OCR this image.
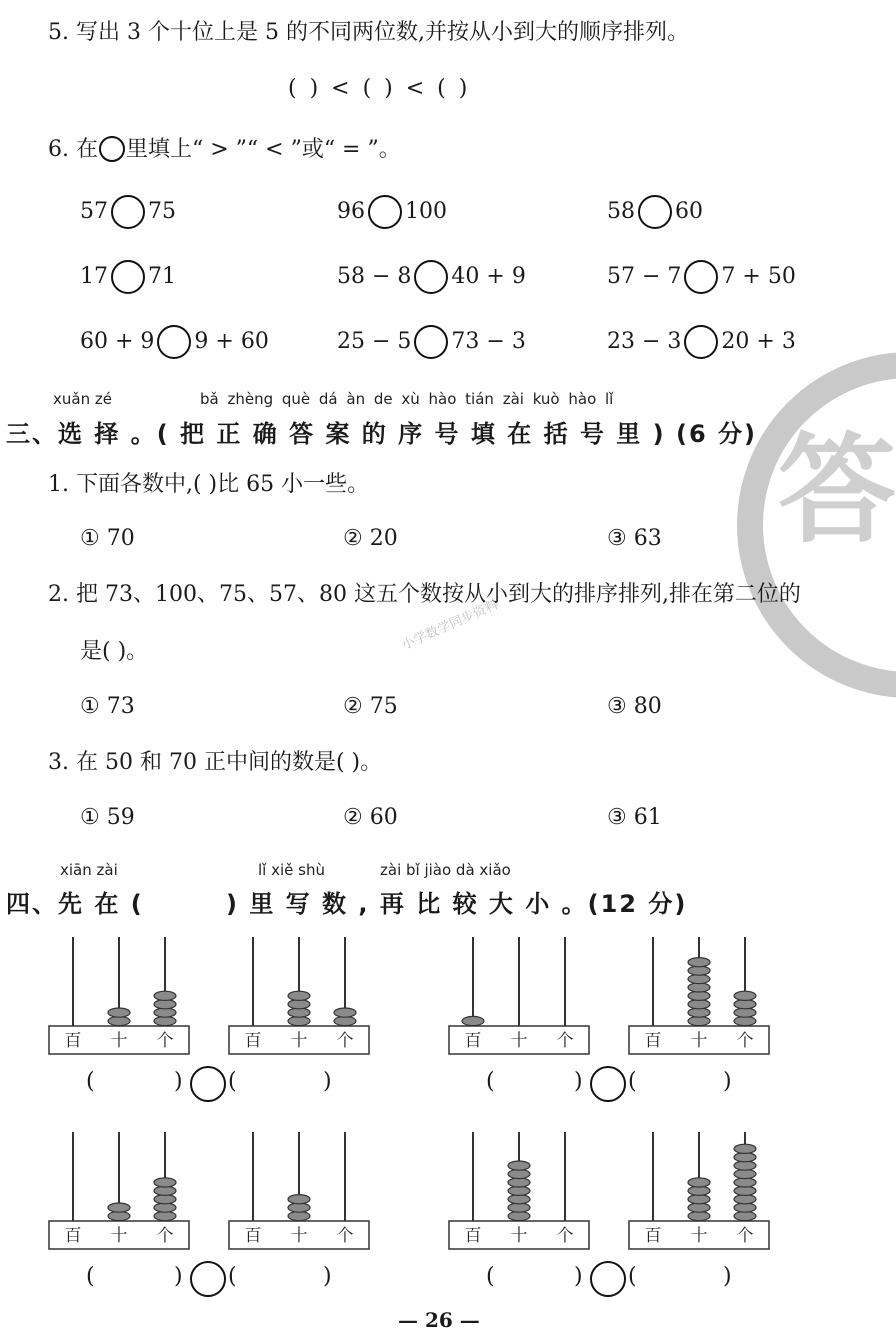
5. 写出 3 个十位上是 5 的不同两位数,并按从小到大的顺序排列。
( ) < ( ) < ( )
6. 在 里填上“ > ”“ < ”或“ = ”。
57 75	96 100	58 60
17 71	58 − 8 40 + 9	57 − 7 7 + 50
60 + 9 9 + 60	25 − 5 73 − 3	23 − 3 20 + 3
答
小学数学同步资料
xuǎn zé	bǎ zhèng què dá àn de xù hào tián zài kuò hào lǐ
三、选 择 。( 把 正 确 答 案 的 序 号 填 在 括 号 里 ) (6 分)
1. 下面各数中,( )比 65 小一些。
① 70	② 20	③ 63
2. 把 73、100、75、57、80 这五个数按从小到大的排序排列,排在第二位的
是( )。
① 73	② 75	③ 80
3. 在 50 和 70 正中间的数是( )。
① 59	② 60	③ 61
xiān zài	lǐ xiě shù	zài bǐ jiào dà xiǎo
四、先 在 (	) 里 写 数 , 再 比 较 大 小 。(12 分)
百 十 个	百 十 个
(	) (	)
百 十 个	百 十 个
(	) (	)
百 十 个	百 十 个
(	) (	)
百 十 个	百 十 个
(	) (	)
— 26 —
